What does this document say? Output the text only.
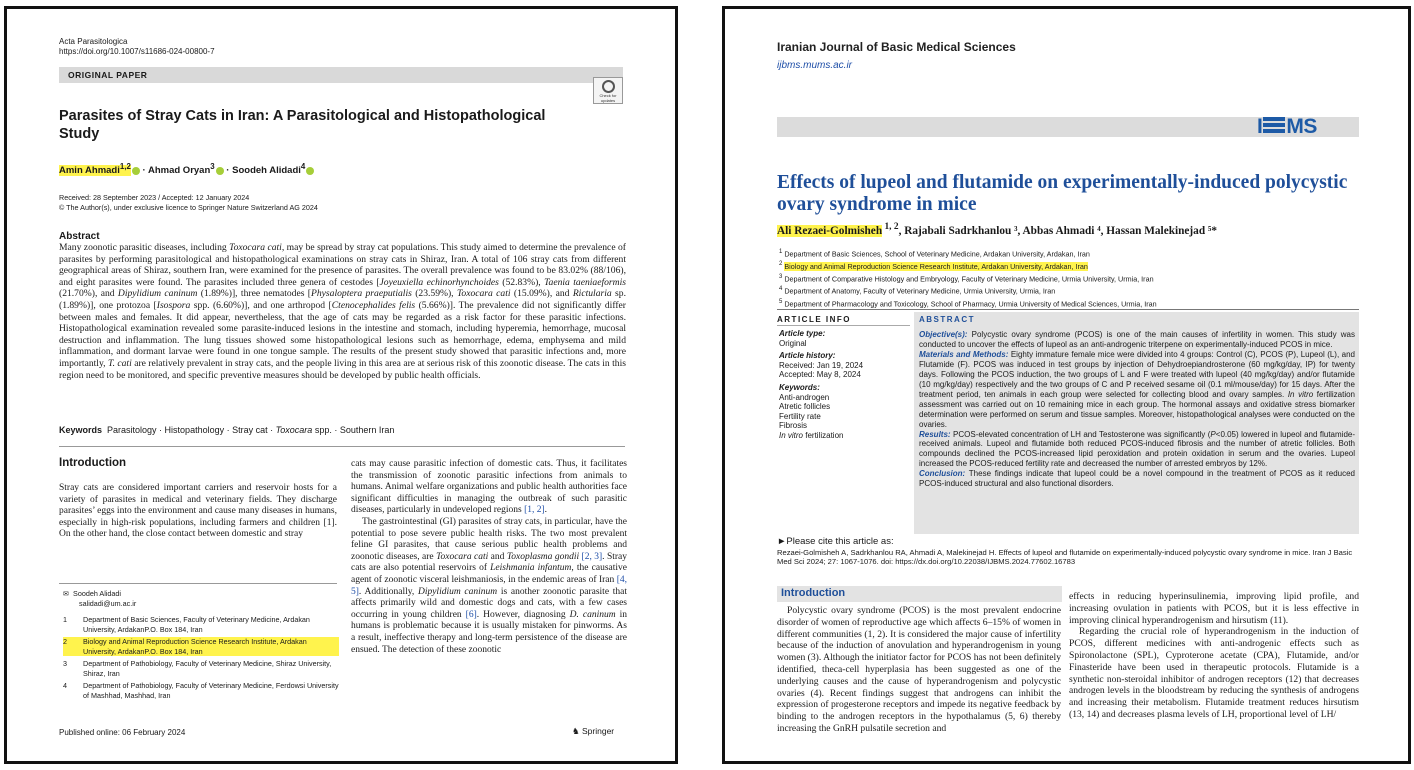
Acta Parasitologica
https://doi.org/10.1007/s11686-024-00800-7
ORIGINAL PAPER
Check for updates
Parasites of Stray Cats in Iran: A Parasitological and Histopathological Study
Amin Ahmadi$^{1,2}$ · Ahmad Oryan$^3$ · Soodeh Alidadi$^4$
Received: 28 September 2023 / Accepted: 12 January 2024
© The Author(s), under exclusive licence to Springer Nature Switzerland AG 2024
Abstract
Many zoonotic parasitic diseases, including Toxocara cati, may be spread by stray cat populations. This study aimed to determine the prevalence of parasites by performing parasitological and histopathological examinations on stray cats in Shiraz, Iran. A total of 106 stray cats from different geographical areas of Shiraz, southern Iran, were examined for the presence of parasites. The overall prevalence was found to be 83.02% (88/106), and eight parasites were found. The parasites included three genera of cestodes [Joyeuxiella echinorhynchoides (52.83%), Taenia taeniaeformis (21.70%), and Dipylidium caninum (1.89%)], three nematodes [Physaloptera praeputialis (23.59%), Toxocara cati (15.09%), and Rictularia sp. (1.89%)], one protozoa [Isospora spp. (6.60%)], and one arthropod [Ctenocephalides felis (5.66%)]. The prevalence did not significantly differ between males and females. It did appear, nevertheless, that the age of cats may be regarded as a risk factor for these parasitic infections. Histopathological examination revealed some parasite-induced lesions in the intestine and stomach, including hyperemia, hemorrhage, mucosal destruction and inflammation. The lung tissues showed some histopathological lesions such as hemorrhage, edema, emphysema and mild inflammation, and dormant larvae were found in one tongue sample. The results of the present study showed that parasitic infections and, more importantly, T. cati are relatively prevalent in stray cats, and the people living in this area are at serious risk of this zoonotic disease. The cats in this region need to be monitored, and specific preventive measures should be developed by public health officials.
Keywords Parasitology · Histopathology · Stray cat · Toxocara spp. · Southern Iran
Introduction
Stray cats are considered important carriers and reservoir hosts for a variety of parasites in medical and veterinary fields. They discharge parasites’ eggs into the environment and cause many diseases in humans, especially in high-risk populations, including farmers and children [1]. On the other hand, the close contact between domestic and stray

cats may cause parasitic infection of domestic cats. Thus, it facilitates the transmission of zoonotic parasitic infections from animals to humans. Animal welfare organizations and public health authorities face significant difficulties in managing the outbreak of such parasitic diseases, particularly in undeveloped regions [1, 2].

The gastrointestinal (GI) parasites of stray cats, in particular, have the potential to pose severe public health risks. The two most prevalent feline GI parasites, that cause serious public health problems and zoonotic diseases, are Toxocara cati and Toxoplasma gondii [2, 3]. Stray cats are also potential reservoirs of Leishmania infantum, the causative agent of zoonotic visceral leishmaniosis, in the endemic areas of Iran [4, 5]. Additionally, Dipylidium caninum is another zoonotic parasite that affects primarily wild and domestic dogs and cats, with a few cases occurring in young children [6]. However, diagnosing D. caninum in humans is problematic because it is usually mistaken for pinworms. As a result, ineffective therapy and long-term persistence of the disease are ensued. The detection of these zoonotic

✉ Soodeh Alidadi
salidadi@um.ac.ir
1	Department of Basic Sciences, Faculty of Veterinary Medicine, Ardakan University, ArdakanP.O. Box 184, Iran
2	Biology and Animal Reproduction Science Research Institute, Ardakan University, ArdakanP.O. Box 184, Iran
3	Department of Pathobiology, Faculty of Veterinary Medicine, Shiraz University, Shiraz, Iran
4	Department of Pathobiology, Faculty of Veterinary Medicine, Ferdowsi University of Mashhad, Mashhad, Iran
Published online: 06 February 2024	♞ Springer
Iranian Journal of Basic Medical Sciences
ijbms.mums.ac.ir
I MS
Effects of lupeol and flutamide on experimentally-induced polycystic ovary syndrome in mice
Ali Rezaei-Golmisheh $^{1, 2}$, Rajabali Sadrkhanlou ³, Abbas Ahmadi ⁴, Hassan Malekinejad ⁵*
$^1$ Department of Basic Sciences, School of Veterinary Medicine, Ardakan University, Ardakan, Iran
$^2$ Biology and Animal Reproduction Science Research Institute, Ardakan University, Ardakan, Iran
$^3$ Department of Comparative Histology and Embryology, Faculty of Veterinary Medicine, Urmia University, Urmia, Iran
$^4$ Department of Anatomy, Faculty of Veterinary Medicine, Urmia University, Urmia, Iran
$^5$ Department of Pharmacology and Toxicology, School of Pharmacy, Urmia University of Medical Sciences, Urmia, Iran
ARTICLE INFO
Article type:
Original
Article history:
Received: Jan 19, 2024
Accepted: May 8, 2024
Keywords:
Anti-androgen
Atretic follicles
Fertility rate
Fibrosis
In vitro fertilization
ABSTRACT
Objective(s): Polycystic ovary syndrome (PCOS) is one of the main causes of infertility in women. This study was conducted to uncover the effects of lupeol as an anti-androgenic triterpene on experimentally-induced PCOS in mice.
Materials and Methods: Eighty immature female mice were divided into 4 groups: Control (C), PCOS (P), Lupeol (L), and Flutamide (F). PCOS was induced in test groups by injection of Dehydroepiandrosterone (60 mg/kg/day, IP) for twenty days. Following the PCOS induction, the two groups of L and F were treated with lupeol (40 mg/kg/day) and/or flutamide (10 mg/kg/day) respectively and the two groups of C and P received sesame oil (0.1 ml/mouse/day) for 15 days. After the treatment period, ten animals in each group were selected for collecting blood and ovary samples. In vitro fertilization assessment was carried out on 10 remaining mice in each group. The hormonal assays and oxidative stress biomarker determination were performed on serum and tissue samples. Moreover, histopathological analyses were conducted on the ovaries.
Results: PCOS-elevated concentration of LH and Testosterone was significantly (P<0.05) lowered in lupeol and flutamide-received animals. Lupeol and flutamide both reduced PCOS-induced fibrosis and the number of atretic follicles. Both compounds declined the PCOS-increased lipid peroxidation and protein oxidation in serum and the ovaries. Lupeol increased the PCOS-reduced fertility rate and decreased the number of arrested embryos by 12%.
Conclusion: These findings indicate that lupeol could be a novel compound in the treatment of PCOS as it reduced PCOS-induced structural and also functional disorders.
►Please cite this article as:
Rezaei-Golmisheh A, Sadrkhanlou RA, Ahmadi A, Malekinejad H. Effects of lupeol and flutamide on experimentally-induced polycystic ovary syndrome in mice. Iran J Basic Med Sci 2024; 27: 1067-1076. doi: https://dx.doi.org/10.22038/IJBMS.2024.77602.16783
Introduction
Polycystic ovary syndrome (PCOS) is the most prevalent endocrine disorder of women of reproductive age which affects 6–15% of women in different communities (1, 2). It is considered the major cause of infertility because of the induction of anovulation and hyperandrogenism in young women (3). Although the initiator factor for PCOS has not been definitely identified, theca-cell hyperplasia has been suggested as one of the underlying causes and the cause of hyperandrogenism and polycystic ovaries (4). Recent findings suggest that androgens can inhibit the expression of progesterone receptors and impede its negative feedback by binding to the androgen receptors in the hypothalamus (5, 6) thereby increasing the GnRH pulsatile secretion and

effects in reducing hyperinsulinemia, improving lipid profile, and increasing ovulation in patients with PCOS, but it is less effective in improving clinical hyperandrogenism and hirsutism (11).

Regarding the crucial role of hyperandrogenism in the induction of PCOS, different medicines with anti-androgenic effects such as Spironolactone (SPL), Cyproterone acetate (CPA), Flutamide, and/or Finasteride have been used in therapeutic protocols. Flutamide is a synthetic non-steroidal inhibitor of androgen receptors (12) that decreases androgen levels in the bloodstream by reducing the synthesis of androgens and increasing their metabolism. Flutamide treatment reduces hirsutism (13, 14) and decreases plasma levels of LH, proportional level of LH/
